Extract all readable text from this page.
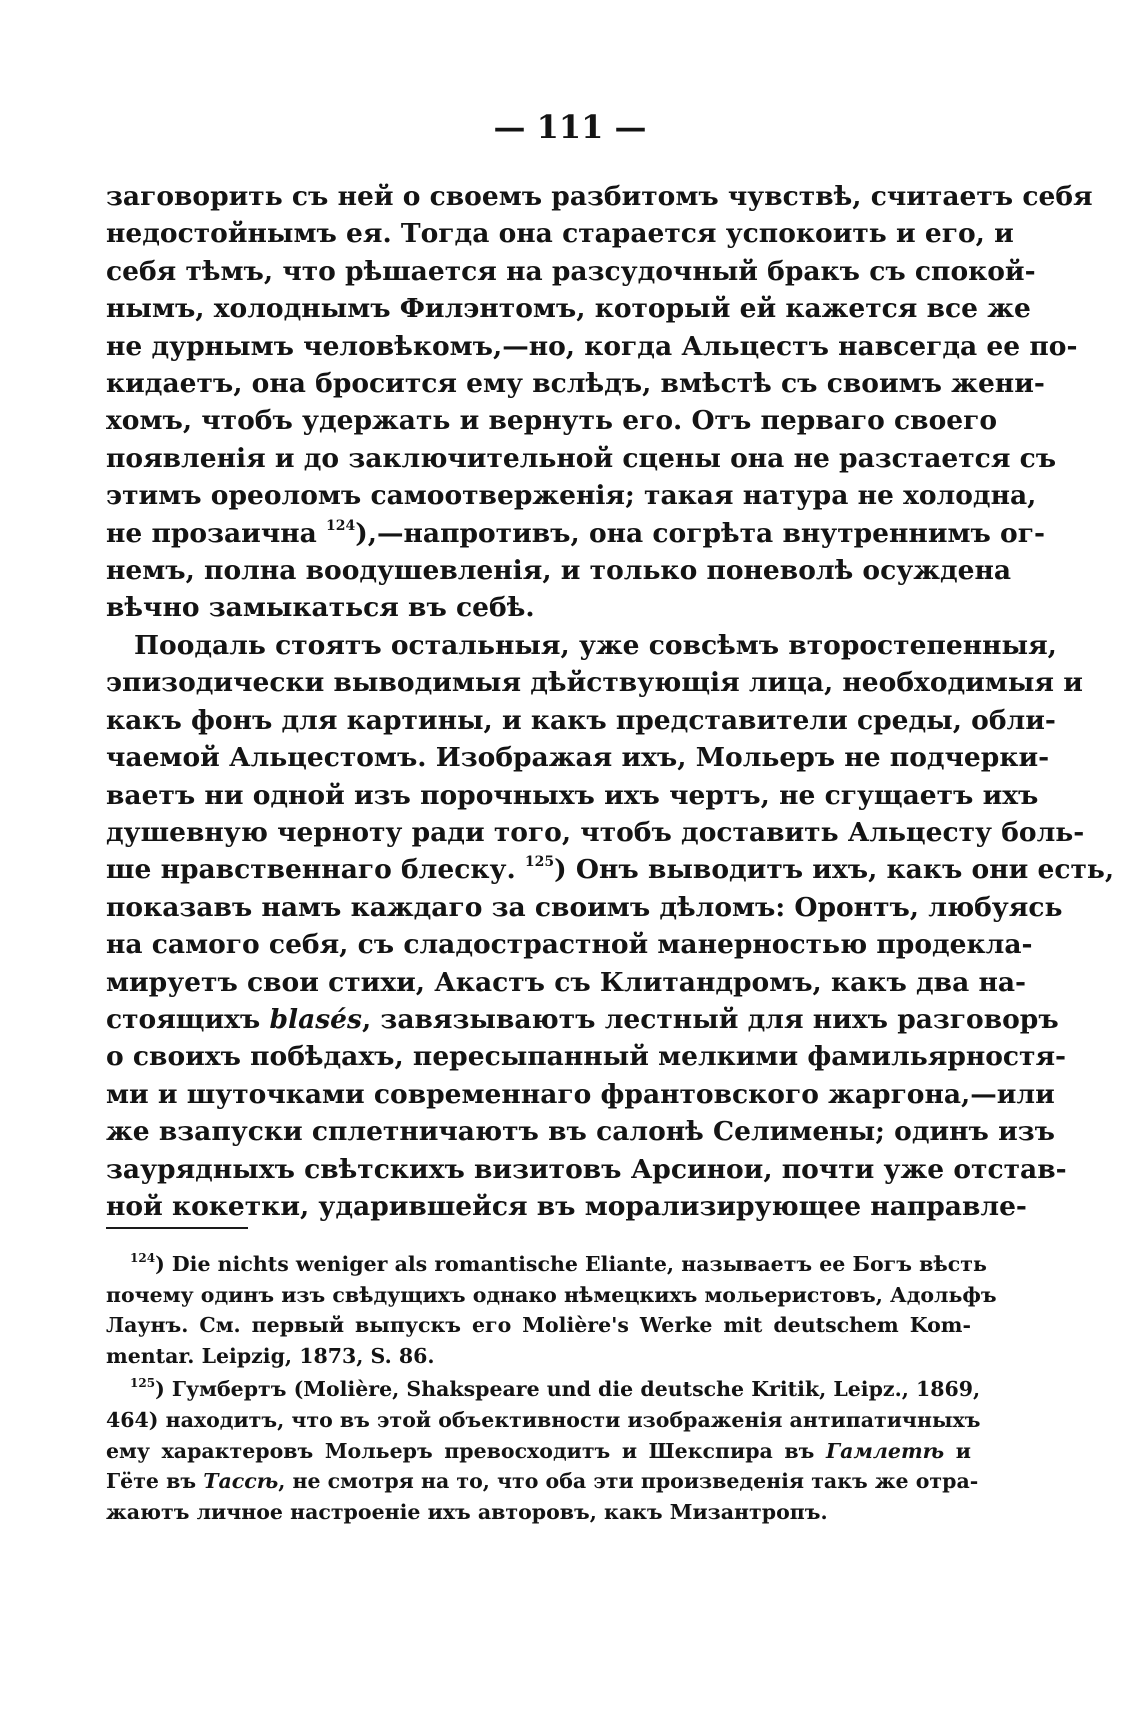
— 111 —
заговорить съ ней о своемъ разбитомъ чувствѣ, считаетъ себя
недостойнымъ ея. Тогда она старается успокоить и его, и
себя тѣмъ, что рѣшается на разсудочный бракъ съ спокой-
нымъ, холоднымъ Филэнтомъ, который ей кажется все же
не дурнымъ человѣкомъ,—но, когда Альцестъ навсегда ее по-
кидаетъ, она бросится ему вслѣдъ, вмѣстѣ съ своимъ жени-
хомъ, чтобъ удержать и вернуть его. Отъ перваго своего
появленія и до заключительной сцены она не разстается съ
этимъ ореоломъ самоотверженія; такая натура не холодна,
не прозаична $^{124}$),—напротивъ, она согрѣта внутреннимъ ог-
немъ, полна воодушевленія, и только поневолѣ осуждена
вѣчно замыкаться въ себѣ.
Поодаль стоятъ остальныя, уже совсѣмъ второстепенныя,
эпизодически выводимыя дѣйствующія лица, необходимыя и
какъ фонъ для картины, и какъ представители среды, обли-
чаемой Альцестомъ. Изображая ихъ, Мольеръ не подчерки-
ваетъ ни одной изъ порочныхъ ихъ чертъ, не сгущаетъ ихъ
душевную черноту ради того, чтобъ доставить Альцесту боль-
ше нравственнаго блеску. $^{125}$) Онъ выводитъ ихъ, какъ они есть,
показавъ намъ каждаго за своимъ дѣломъ: Оронтъ, любуясь
на самого себя, съ сладострастной манерностью продекла-
мируетъ свои стихи, Акастъ съ Клитандромъ, какъ два на-
стоящихъ blasés, завязываютъ лестный для нихъ разговоръ
о своихъ побѣдахъ, пересыпанный мелкими фамильярностя-
ми и шуточками современнаго франтовского жаргона,—или
же взапуски сплетничаютъ въ салонѣ Селимены; одинъ изъ
заурядныхъ свѣтскихъ визитовъ Арсинои, почти уже отстав-
ной кокетки, ударившейся въ морализирующее направле-
$^{124}$) Die nichts weniger als romantische Eliante, называетъ ее Богъ вѣсть
почему одинъ изъ свѣдущихъ однако нѣмецкихъ мольеристовъ, Адольфъ
Лаунъ. См. первый выпускъ его Molière's Werke mit deutschem Kom-
mentar. Leipzig, 1873, S. 86.
$^{125}$) Гумбертъ (Molière, Shakspeare und die deutsche Kritik, Leipz., 1869,
464) находитъ, что въ этой объективности изображенія антипатичныхъ
ему характеровъ Мольеръ превосходитъ и Шекспира въ Гамлетѣ и
Гёте въ Тассѣ, не смотря на то, что оба эти произведенія такъ же отра-
жаютъ личное настроеніе ихъ авторовъ, какъ Мизантропъ.
